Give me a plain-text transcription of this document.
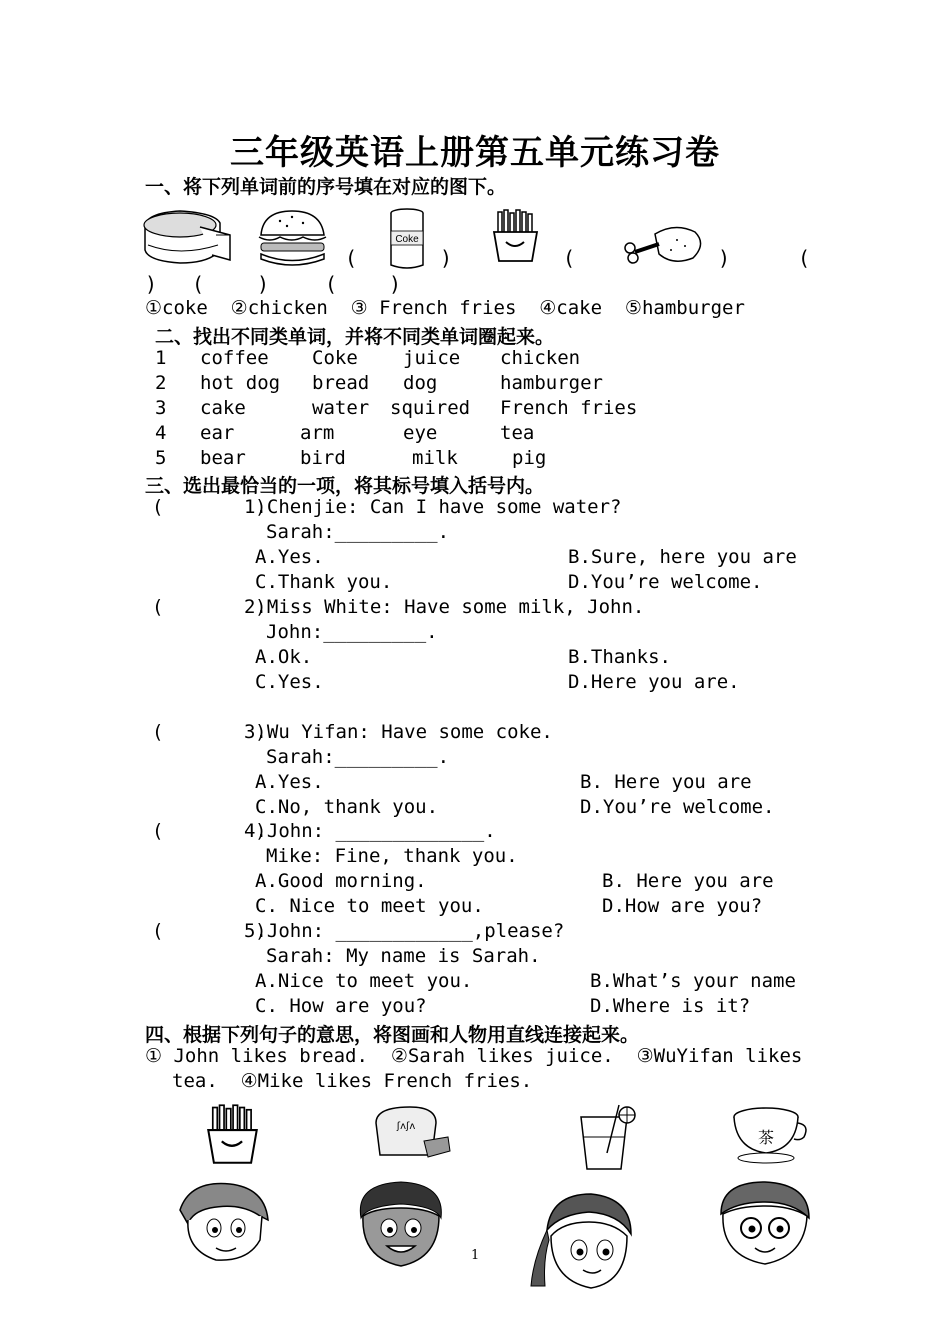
三年级英语上册第五单元练习卷
一、将下列单词前的序号填在对应的图下。
Coke
(	)	(	)	(
) (	)	(	)
①coke  ②chicken  ③ French fries  ④cake  ⑤hamburger
二、找出不同类单词，并将不同类单词圈起来。
1 coffee Coke juice chicken
2 hot dog bread dog	hamburger
3 cake	water squired French fries
4 ear	arm	eye	tea
5 bear	bird	milk	pig
三、选出最恰当的一项，将其标号填入括号内。
(        )
1.Chenjie: Can I have some water?
Sarah:_________.
A.Yes.	B.Sure, here you are
C.Thank you.	D.You’re welcome.
(        )
2.Miss White: Have some milk, John.
John:_________.
A.Ok.	B.Thanks.
C.Yes.	D.Here you are.
(        )
3.Wu Yifan: Have some coke.
Sarah:_________.
A.Yes.	B. Here you are
C.No, thank you.	D.You’re welcome.
(        )
4.John: _____________.
Mike: Fine, thank you.
A.Good morning.	B. Here you are
C. Nice to meet you.	D.How are you?
(        )
5.John: ____________,please?
Sarah: My name is Sarah.
A.Nice to meet you.	B.What’s your name
C. How are you?	D.Where is it?
四、根据下列句子的意思，将图画和人物用直线连接起来。
① John likes bread.  ②Sarah likes juice.  ③WuYifan likes
tea.  ④Mike likes French fries.
ʃʌʃʌ
茶
1
